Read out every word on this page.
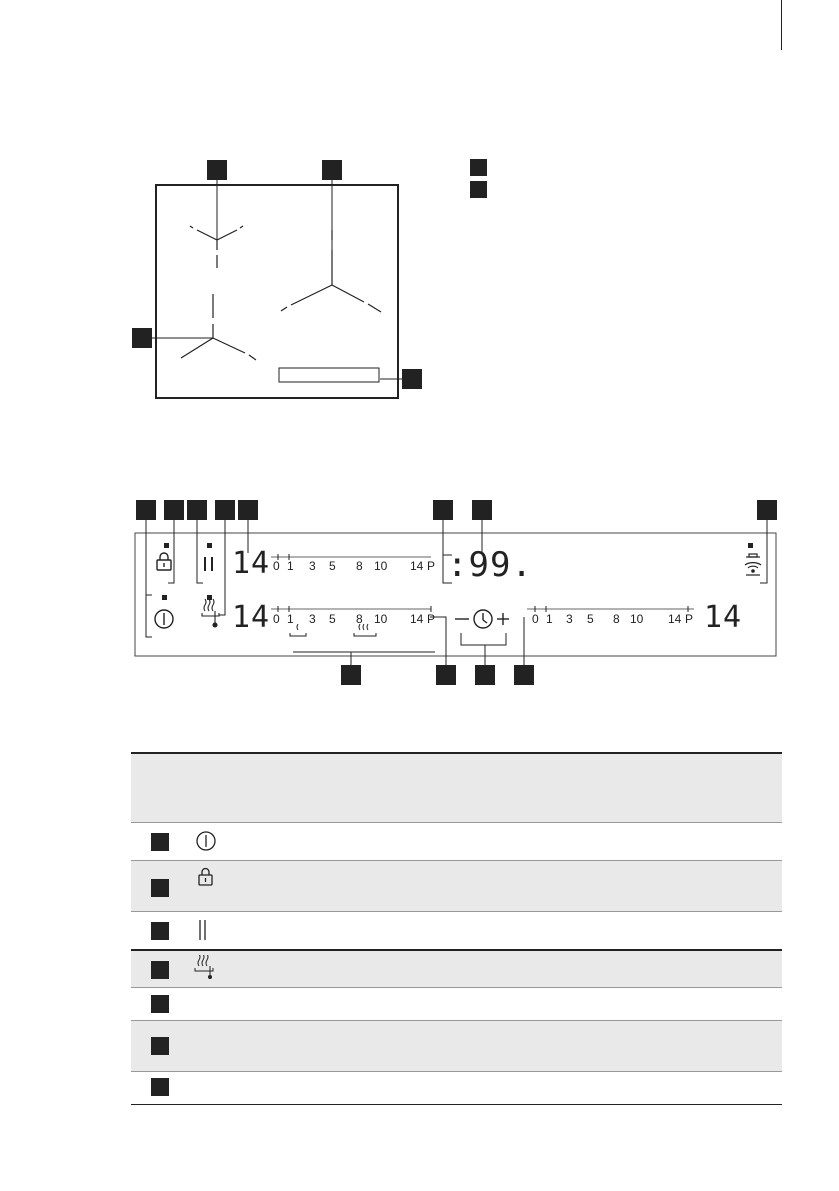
14
14	14
:99.
0 1 3 5 8 10 14 P
0 1 3 5 8 10 14 P	0 1 3 5 8 10 14 P
